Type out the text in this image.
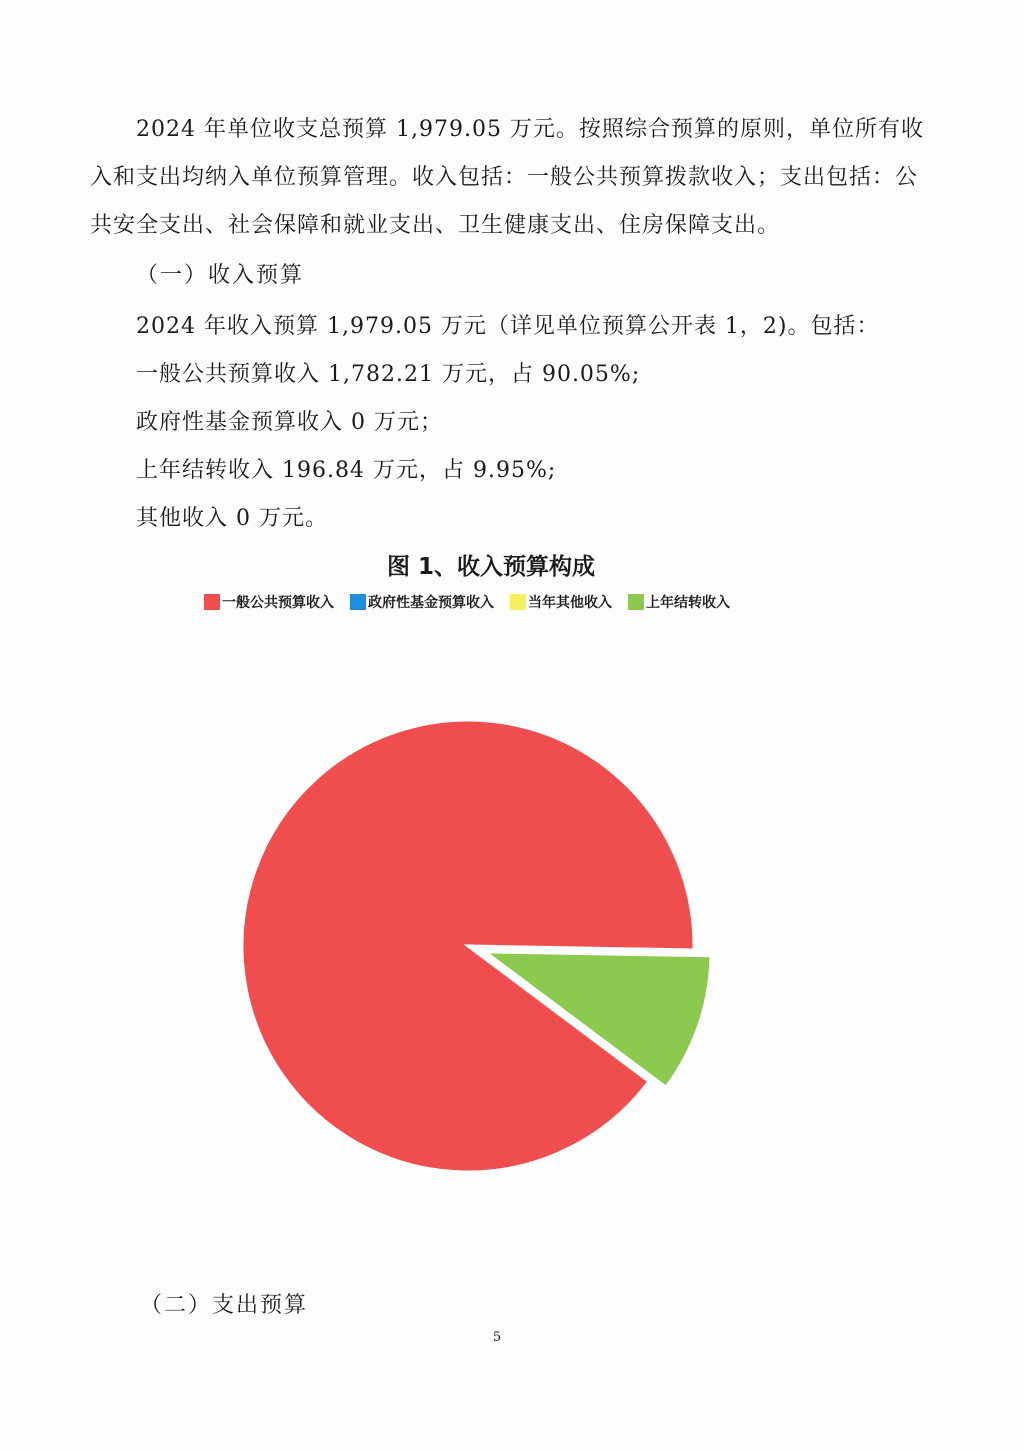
2024 年单位收支总预算 1,979.05 万元。按照综合预算的原则，单位所有收入和支出均纳入单位预算管理。收入包括：一般公共预算拨款收入；支出包括：公共安全支出、社会保障和就业支出、卫生健康支出、住房保障支出。

（一）收入预算

2024 年收入预算 1,979.05 万元（详见单位预算公开表 1，2)。包括：

一般公共预算收入 1,782.21 万元，占 90.05%;

政府性基金预算收入 0 万元；

上年结转收入 196.84 万元，占 9.95%;

其他收入 0 万元。

图 1、收入预算构成

一般公共预算收入 政府性基金预算收入 当年其他收入 上年结转收入

（二）支出预算

5
